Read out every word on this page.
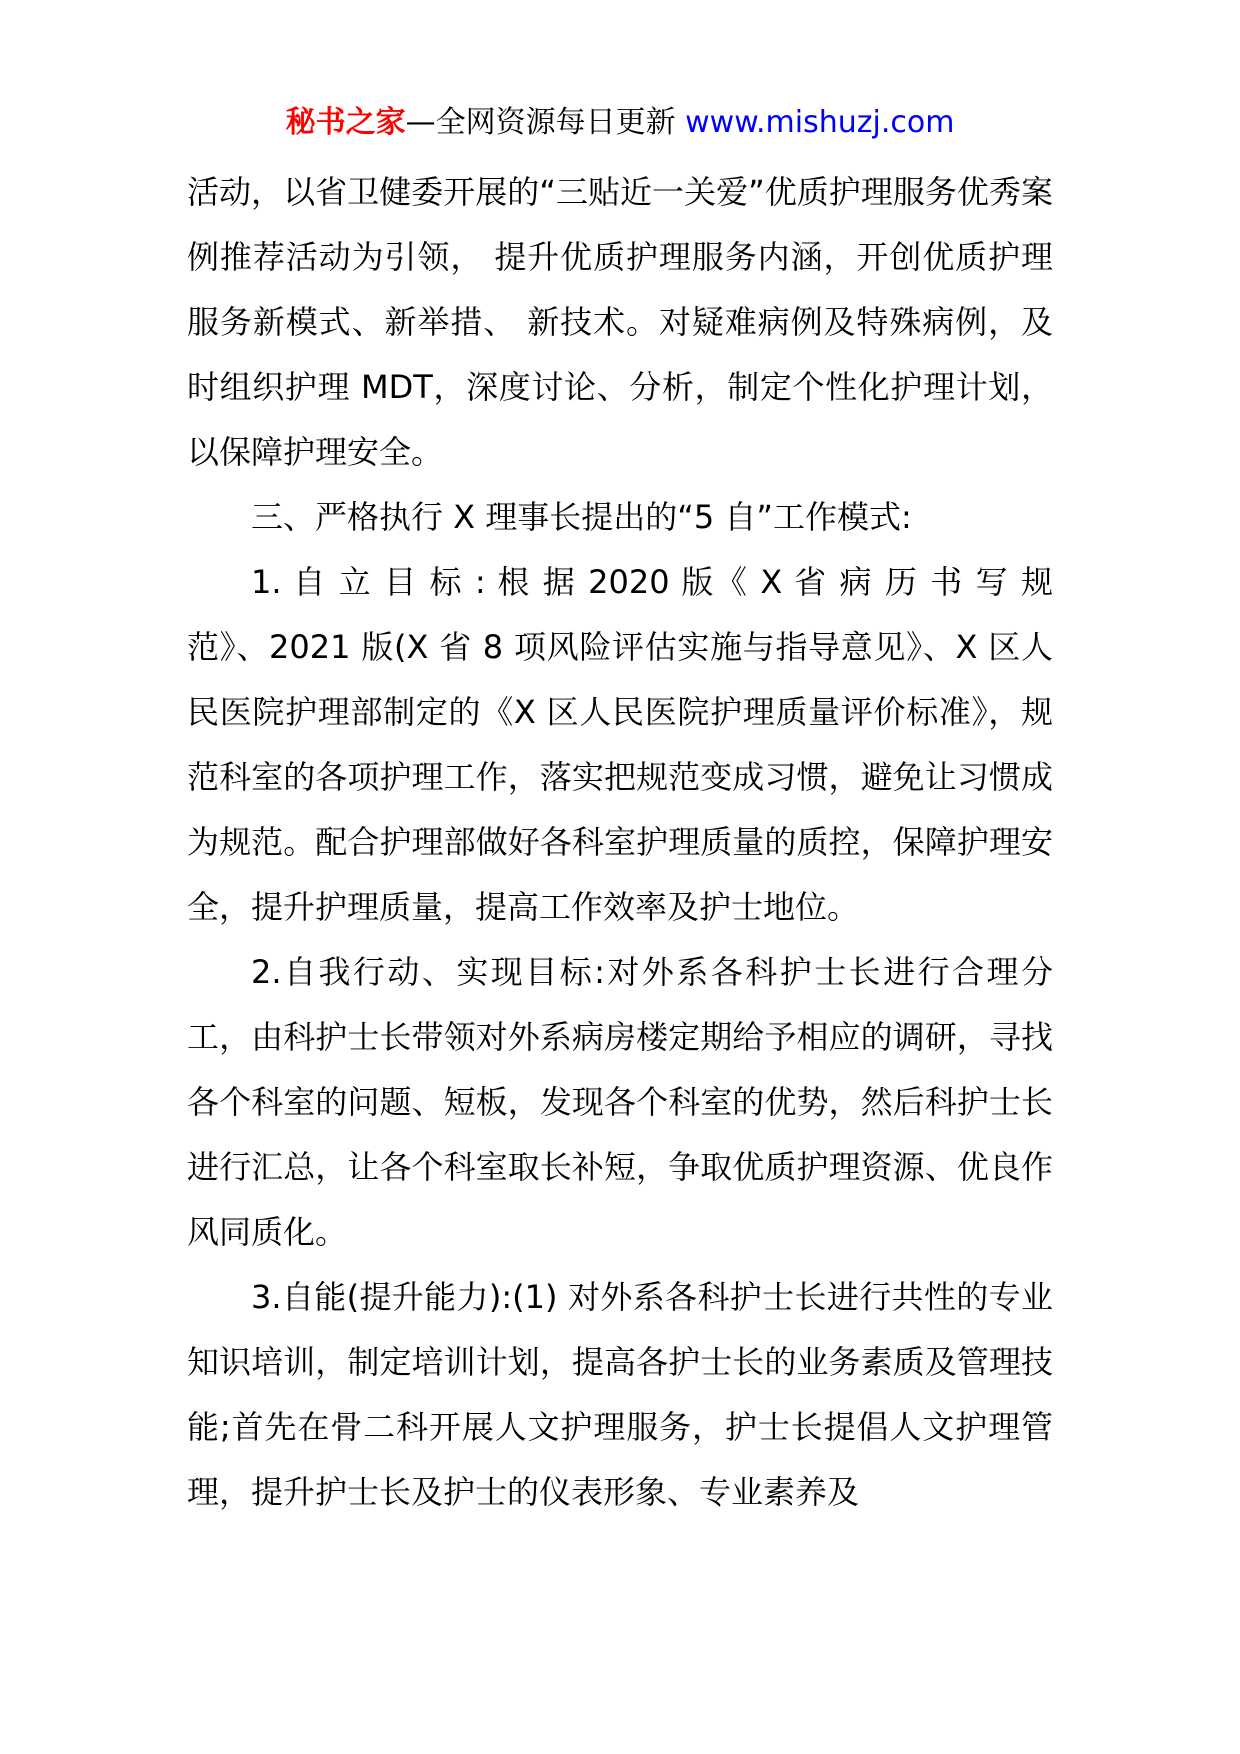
秘书之家—全网资源每日更新 www.mishuzj.com

活动，以省卫健委开展的“三贴近一关爱”优质护理服务优秀案例推荐活动为引领， 提升优质护理服务内涵，开创优质护理服务新模式、新举措、 新技术。对疑难病例及特殊病例，及时组织护理 MDT，深度讨论、分析，制定个性化护理计划，以保障护理安全。

三、严格执行 X 理事长提出的“5 自”工作模式:

1. 自 立 目 标 : 根 据 2020 版《 X 省 病 历 书 写 规 范》、2021 版(X 省 8 项风险评估实施与指导意见》、X 区人民医院护理部制定的《X 区人民医院护理质量评价标准》，规范科室的各项护理工作，落实把规范变成习惯，避免让习惯成为规范。配合护理部做好各科室护理质量的质控，保障护理安全，提升护理质量，提高工作效率及护士地位。

2.自我行动、实现目标:对外系各科护士长进行合理分工，由科护士长带领对外系病房楼定期给予相应的调研，寻找各个科室的问题、短板，发现各个科室的优势，然后科护士长进行汇总，让各个科室取长补短，争取优质护理资源、优良作风同质化。

3.自能(提升能力):(1) 对外系各科护士长进行共性的专业知识培训，制定培训计划，提高各护士长的业务素质及管理技能;首先在骨二科开展人文护理服务，护士长提倡人文护理管理，提升护士长及护士的仪表形象、专业素养及
